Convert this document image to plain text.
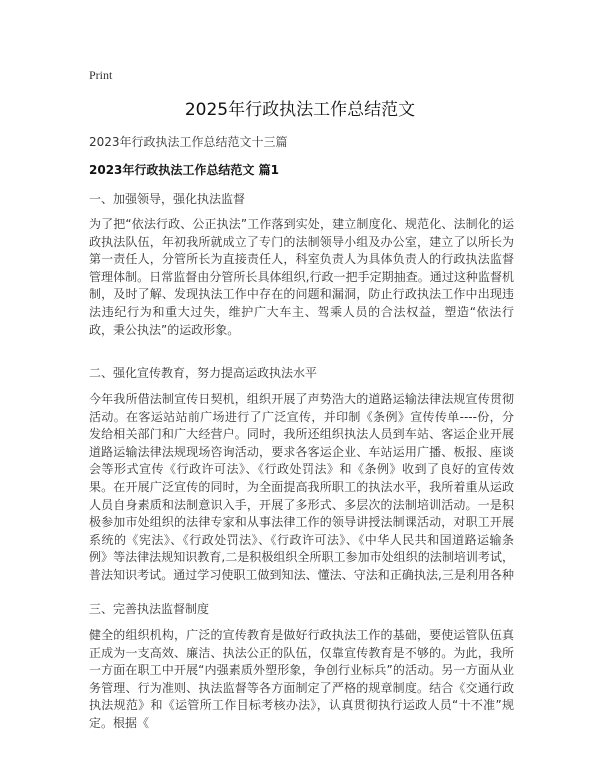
Print
2025年行政执法工作总结范文
2023年行政执法工作总结范文十三篇
2023年行政执法工作总结范文 篇1
一、加强领导，强化执法监督

为了把“依法行政、公正执法”工作落到实处，建立制度化、规范化、法制化的运政执法队伍，年初我所就成立了专门的法制领导小组及办公室，建立了以所长为第一责任人，分管所长为直接责任人，科室负责人为具体负责人的行政执法监督管理体制。日常监督由分管所长具体组织,行政一把手定期抽查。通过这种监督机制，及时了解、发现执法工作中存在的问题和漏洞，防止行政执法工作中出现违法违纪行为和重大过失，维护广大车主、驾乘人员的合法权益，塑造“依法行政，秉公执法”的运政形象。

二、强化宣传教育，努力提高运政执法水平

今年我所借法制宣传日契机，组织开展了声势浩大的道路运输法律法规宣传贯彻活动。在客运站站前广场进行了广泛宣传，并印制《条例》宣传传单----份，分发给相关部门和广大经营户。同时，我所还组织执法人员到车站、客运企业开展道路运输法律法规现场咨询活动，要求各客运企业、车站运用广播、板报、座谈会等形式宣传《行政许可法》、《行政处罚法》和《条例》收到了良好的宣传效果。在开展广泛宣传的同时，为全面提高我所职工的执法水平，我所着重从运政人员自身素质和法制意识入手，开展了多形式、多层次的法制培训活动。一是积极参加市处组织的法律专家和从事法律工作的领导讲授法制课活动，对职工开展系统的《宪法》、《行政处罚法》、《行政许可法》、《中华人民共和国道路运输条例》等法律法规知识教育,二是积极组织全所职工参加市处组织的法制培训考试，普法知识考试。通过学习使职工做到知法、懂法、守法和正确执法,三是利用各种

三、完善执法监督制度

健全的组织机构，广泛的宣传教育是做好行政执法工作的基础，要使运管队伍真正成为一支高效、廉洁、执法公正的队伍，仅靠宣传教育是不够的。为此，我所一方面在职工中开展“内强素质外塑形象，争创行业标兵”的活动。另一方面从业务管理、行为准则、执法监督等各方面制定了严格的规章制度。结合《交通行政执法规范》和《运管所工作目标考核办法》，认真贯彻执行运政人员“十不准”规定。根据《
